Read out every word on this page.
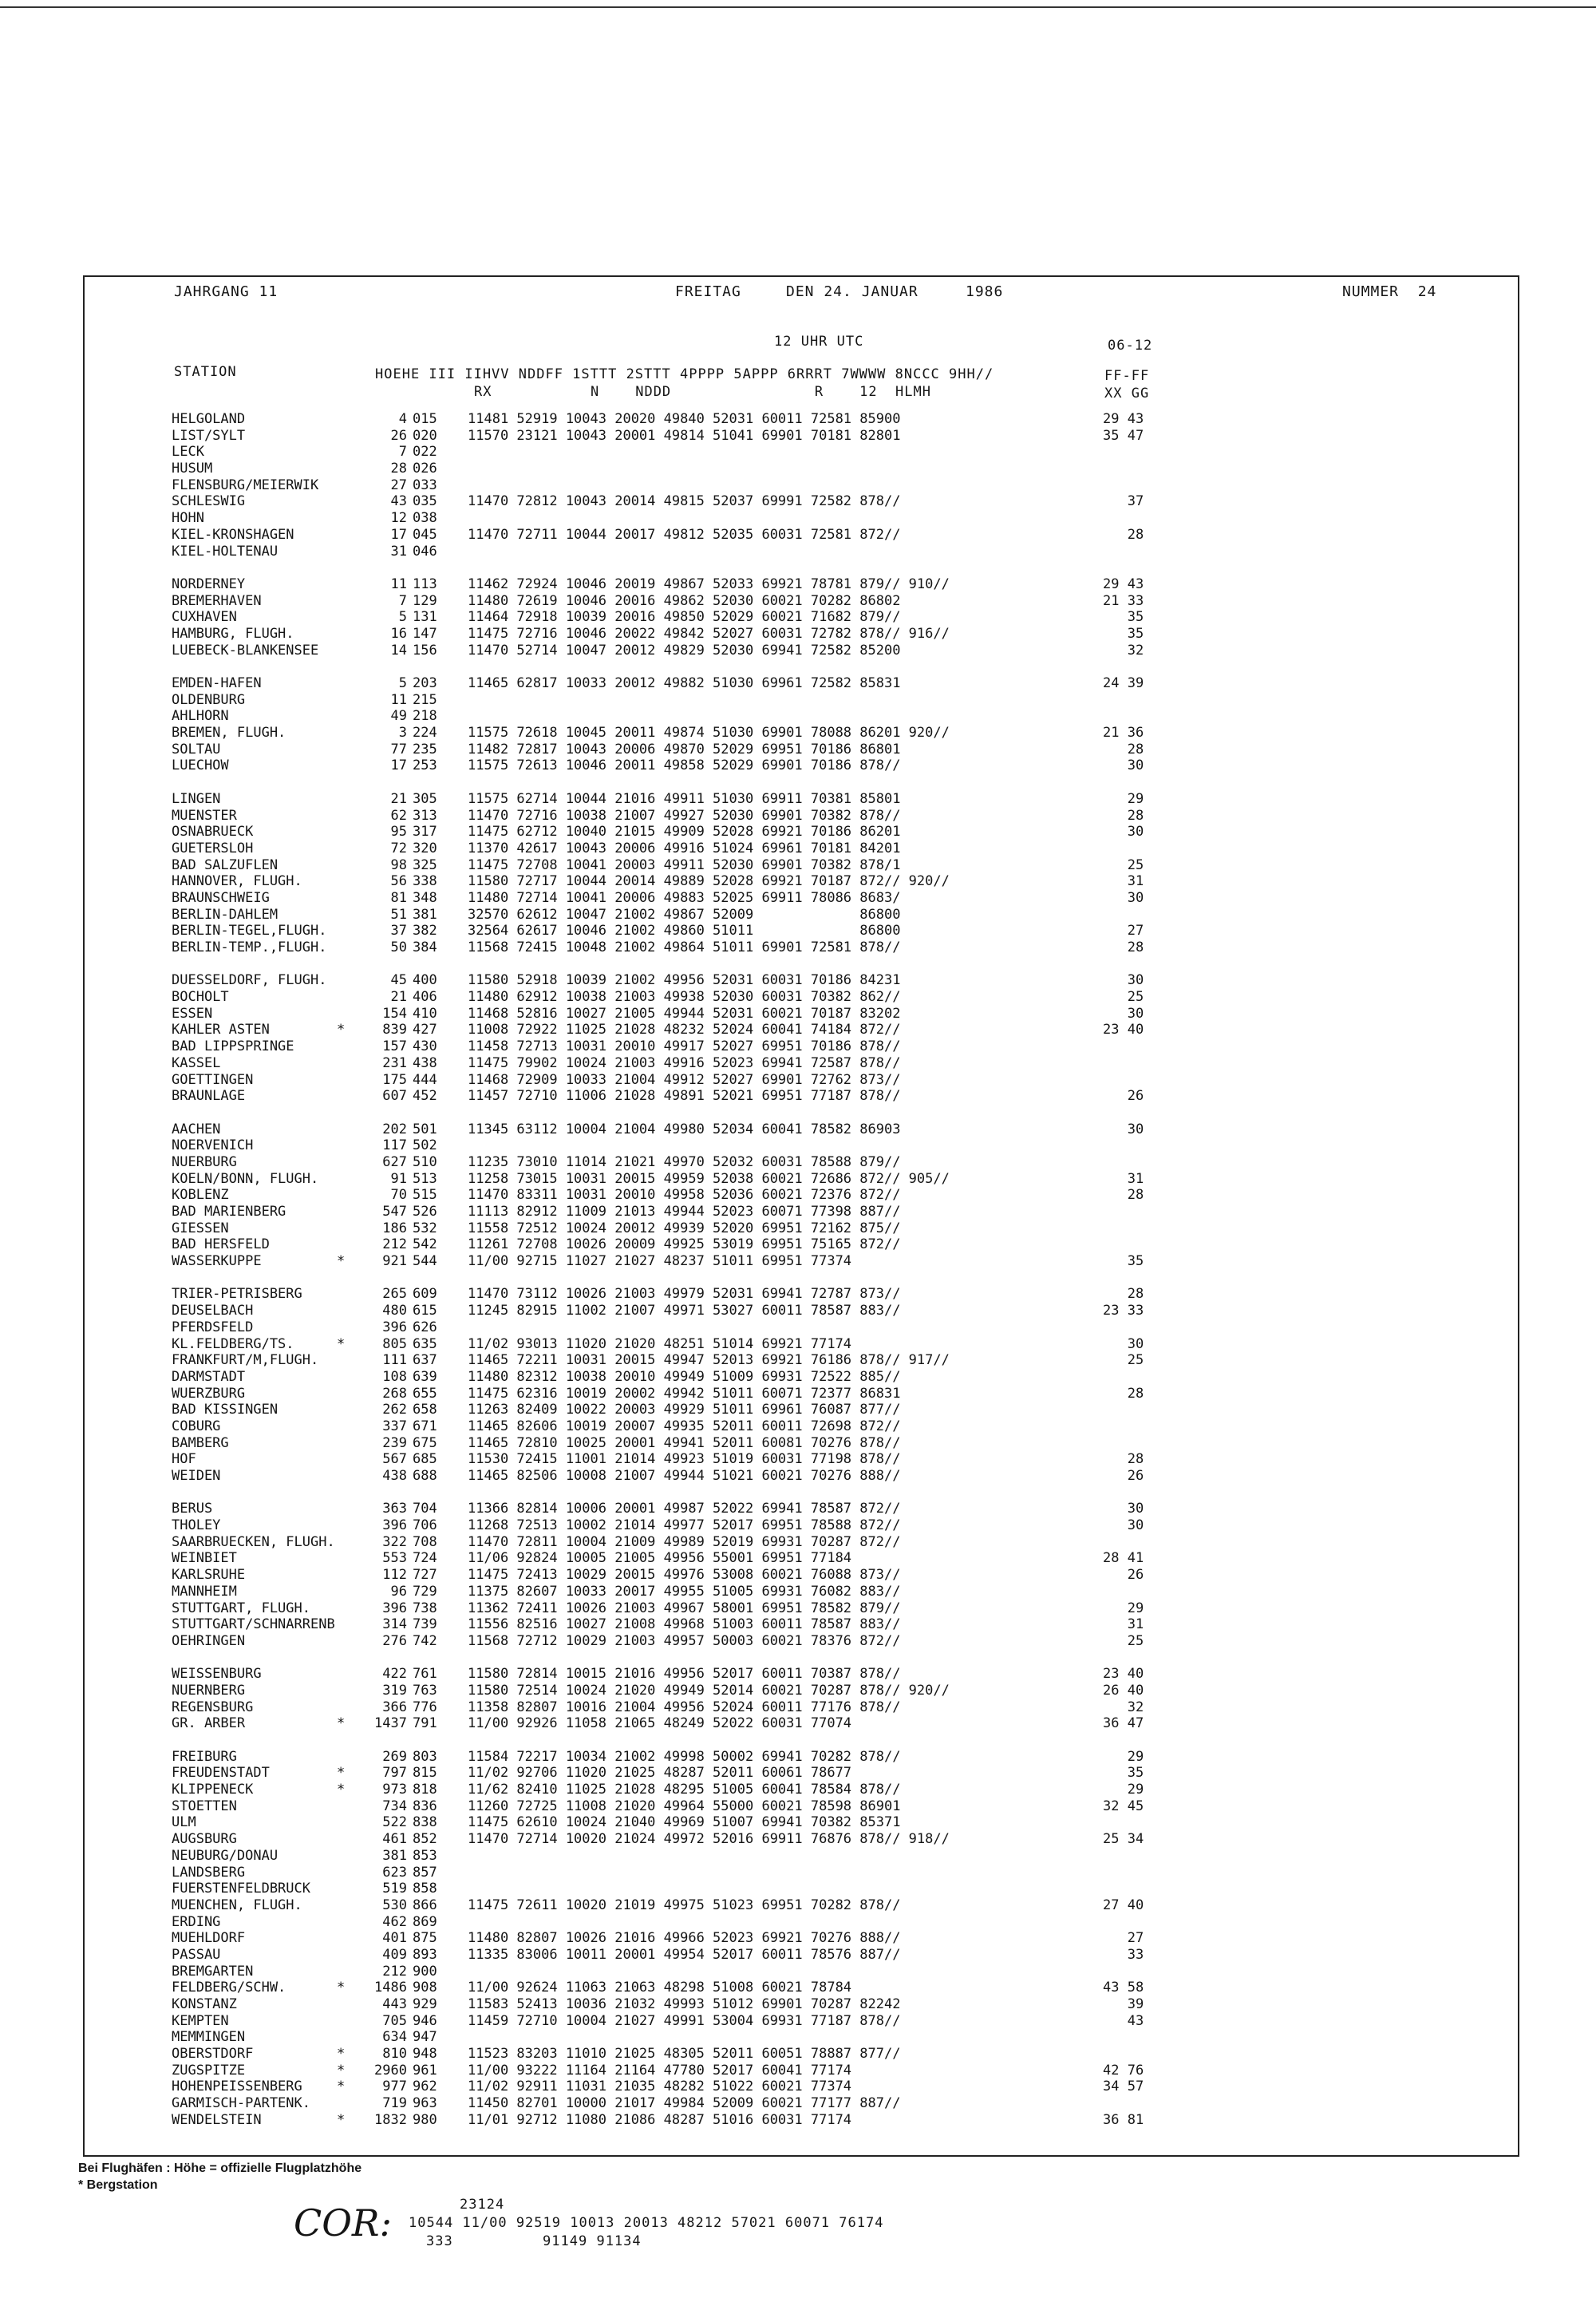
JAHRGANG 11	FREITAG	DEN 24. JANUAR	1986	NUMMER  24
12 UHR UTC	06-12
STATION	HOEHE III IIHVV NDDFF 1STTT 2STTT 4PPPP 5APPP 6RRRT 7WWWW 8NCCC 9HH//
RX           N    NDDD                R    12  HLMH
FF-FF
XX GG
HELGOLAND	4 015 11481 52919 10043 20020 49840 52031 60011 72581 85900	29 43
LIST/SYLT	26 020 11570 23121 10043 20001 49814 51041 69901 70181 82801	35 47
LECK	7 022
HUSUM	28 026
FLENSBURG/MEIERWIK	27 033
SCHLESWIG	43 035 11470 72812 10043 20014 49815 52037 69991 72582 878//	37
HOHN	12 038
KIEL-KRONSHAGEN	17 045 11470 72711 10044 20017 49812 52035 60031 72581 872//	28
KIEL-HOLTENAU	31 046
NORDERNEY	11 113 11462 72924 10046 20019 49867 52033 69921 78781 879// 910//	29 43
BREMERHAVEN	7 129 11480 72619 10046 20016 49862 52030 60021 70282 86802	21 33
CUXHAVEN	5 131 11464 72918 10039 20016 49850 52029 60021 71682 879//	35
HAMBURG, FLUGH.	16 147 11475 72716 10046 20022 49842 52027 60031 72782 878// 916//	35
LUEBECK-BLANKENSEE	14 156 11470 52714 10047 20012 49829 52030 69941 72582 85200	32
EMDEN-HAFEN	5 203 11465 62817 10033 20012 49882 51030 69961 72582 85831	24 39
OLDENBURG	11 215
AHLHORN	49 218
BREMEN, FLUGH.	3 224 11575 72618 10045 20011 49874 51030 69901 78088 86201 920//	21 36
SOLTAU	77 235 11482 72817 10043 20006 49870 52029 69951 70186 86801	28
LUECHOW	17 253 11575 72613 10046 20011 49858 52029 69901 70186 878//	30
LINGEN	21 305 11575 62714 10044 21016 49911 51030 69911 70381 85801	29
MUENSTER	62 313 11470 72716 10038 21007 49927 52030 69901 70382 878//	28
OSNABRUECK	95 317 11475 62712 10040 21015 49909 52028 69921 70186 86201	30
GUETERSLOH	72 320 11370 42617 10043 20006 49916 51024 69961 70181 84201
BAD SALZUFLEN	98 325 11475 72708 10041 20003 49911 52030 69901 70382 878/1	25
HANNOVER, FLUGH.	56 338 11580 72717 10044 20014 49889 52028 69921 70187 872// 920//	31
BRAUNSCHWEIG	81 348 11480 72714 10041 20006 49883 52025 69911 78086 8683/	30
BERLIN-DAHLEM	51 381 32570 62612 10047 21002 49867 52009             86800
BERLIN-TEGEL,FLUGH.	37 382 32564 62617 10046 21002 49860 51011             86800	27
BERLIN-TEMP.,FLUGH.	50 384 11568 72415 10048 21002 49864 51011 69901 72581 878//	28
DUESSELDORF, FLUGH.	45 400 11580 52918 10039 21002 49956 52031 60031 70186 84231	30
BOCHOLT	21 406 11480 62912 10038 21003 49938 52030 60031 70382 862//	25
ESSEN	154 410 11468 52816 10027 21005 49944 52031 60021 70187 83202	30
KAHLER ASTEN	*	839 427 11008 72922 11025 21028 48232 52024 60041 74184 872//	23 40
BAD LIPPSPRINGE	157 430 11458 72713 10031 20010 49917 52027 69951 70186 878//
KASSEL	231 438 11475 79902 10024 21003 49916 52023 69941 72587 878//
GOETTINGEN	175 444 11468 72909 10033 21004 49912 52027 69901 72762 873//
BRAUNLAGE	607 452 11457 72710 11006 21028 49891 52021 69951 77187 878//	26
AACHEN	202 501 11345 63112 10004 21004 49980 52034 60041 78582 86903	30
NOERVENICH	117 502
NUERBURG	627 510 11235 73010 11014 21021 49970 52032 60031 78588 879//
KOELN/BONN, FLUGH.	91 513 11258 73015 10031 20015 49959 52038 60021 72686 872// 905//	31
KOBLENZ	70 515 11470 83311 10031 20010 49958 52036 60021 72376 872//	28
BAD MARIENBERG	547 526 11113 82912 11009 21013 49944 52023 60071 77398 887//
GIESSEN	186 532 11558 72512 10024 20012 49939 52020 69951 72162 875//
BAD HERSFELD	212 542 11261 72708 10026 20009 49925 53019 69951 75165 872//
WASSERKUPPE	*	921 544 11/00 92715 11027 21027 48237 51011 69951 77374	35
TRIER-PETRISBERG	265 609 11470 73112 10026 21003 49979 52031 69941 72787 873//	28
DEUSELBACH	480 615 11245 82915 11002 21007 49971 53027 60011 78587 883//	23 33
PFERDSFELD	396 626
KL.FELDBERG/TS.	*	805 635 11/02 93013 11020 21020 48251 51014 69921 77174	30
FRANKFURT/M,FLUGH.	111 637 11465 72211 10031 20015 49947 52013 69921 76186 878// 917//	25
DARMSTADT	108 639 11480 82312 10038 20010 49949 51009 69931 72522 885//
WUERZBURG	268 655 11475 62316 10019 20002 49942 51011 60071 72377 86831	28
BAD KISSINGEN	262 658 11263 82409 10022 20003 49929 51011 69961 76087 877//
COBURG	337 671 11465 82606 10019 20007 49935 52011 60011 72698 872//
BAMBERG	239 675 11465 72810 10025 20001 49941 52011 60081 70276 878//
HOF	567 685 11530 72415 11001 21014 49923 51019 60031 77198 878//	28
WEIDEN	438 688 11465 82506 10008 21007 49944 51021 60021 70276 888//	26
BERUS	363 704 11366 82814 10006 20001 49987 52022 69941 78587 872//	30
THOLEY	396 706 11268 72513 10002 21014 49977 52017 69951 78588 872//	30
SAARBRUECKEN, FLUGH.	322 708 11470 72811 10004 21009 49989 52019 69931 70287 872//
WEINBIET	553 724 11/06 92824 10005 21005 49956 55001 69951 77184	28 41
KARLSRUHE	112 727 11475 72413 10029 20015 49976 53008 60021 76088 873//	26
MANNHEIM	96 729 11375 82607 10033 20017 49955 51005 69931 76082 883//
STUTTGART, FLUGH.	396 738 11362 72411 10026 21003 49967 58001 69951 78582 879//	29
STUTTGART/SCHNARRENB	314 739 11556 82516 10027 21008 49968 51003 60011 78587 883//	31
OEHRINGEN	276 742 11568 72712 10029 21003 49957 50003 60021 78376 872//	25
WEISSENBURG	422 761 11580 72814 10015 21016 49956 52017 60011 70387 878//	23 40
NUERNBERG	319 763 11580 72514 10024 21020 49949 52014 60021 70287 878// 920//	26 40
REGENSBURG	366 776 11358 82807 10016 21004 49956 52024 60011 77176 878//	32
GR. ARBER	*	1437 791 11/00 92926 11058 21065 48249 52022 60031 77074	36 47
FREIBURG	269 803 11584 72217 10034 21002 49998 50002 69941 70282 878//	29
FREUDENSTADT	*	797 815 11/02 92706 11020 21025 48287 52011 60061 78677	35
KLIPPENECK	*	973 818 11/62 82410 11025 21028 48295 51005 60041 78584 878//	29
STOETTEN	734 836 11260 72725 11008 21020 49964 55000 60021 78598 86901	32 45
ULM	522 838 11475 62610 10024 21040 49969 51007 69941 70382 85371
AUGSBURG	461 852 11470 72714 10020 21024 49972 52016 69911 76876 878// 918//	25 34
NEUBURG/DONAU	381 853
LANDSBERG	623 857
FUERSTENFELDBRUCK	519 858
MUENCHEN, FLUGH.	530 866 11475 72611 10020 21019 49975 51023 69951 70282 878//	27 40
ERDING	462 869
MUEHLDORF	401 875 11480 82807 10026 21016 49966 52023 69921 70276 888//	27
PASSAU	409 893 11335 83006 10011 20001 49954 52017 60011 78576 887//	33
BREMGARTEN	212 900
FELDBERG/SCHW.	*	1486 908 11/00 92624 11063 21063 48298 51008 60021 78784	43 58
KONSTANZ	443 929 11583 52413 10036 21032 49993 51012 69901 70287 82242	39
KEMPTEN	705 946 11459 72710 10004 21027 49991 53004 69931 77187 878//	43
MEMMINGEN	634 947
OBERSTDORF	*	810 948 11523 83203 11010 21025 48305 52011 60051 78887 877//
ZUGSPITZE	*	2960 961 11/00 93222 11164 21164 47780 52017 60041 77174	42 76
HOHENPEISSENBERG	*	977 962 11/02 92911 11031 21035 48282 51022 60021 77374	34 57
GARMISCH-PARTENK.	719 963 11450 82701 10000 21017 49984 52009 60021 77177 887//
WENDELSTEIN	*	1832 980 11/01 92712 11080 21086 48287 51016 60031 77174	36 81
Bei Flughäfen : Höhe = offizielle Flugplatzhöhe
* Bergstation
COR:	23124
10544 11/00 92519 10013 20013 48212 57021 60071 76174
333          91149 91134
